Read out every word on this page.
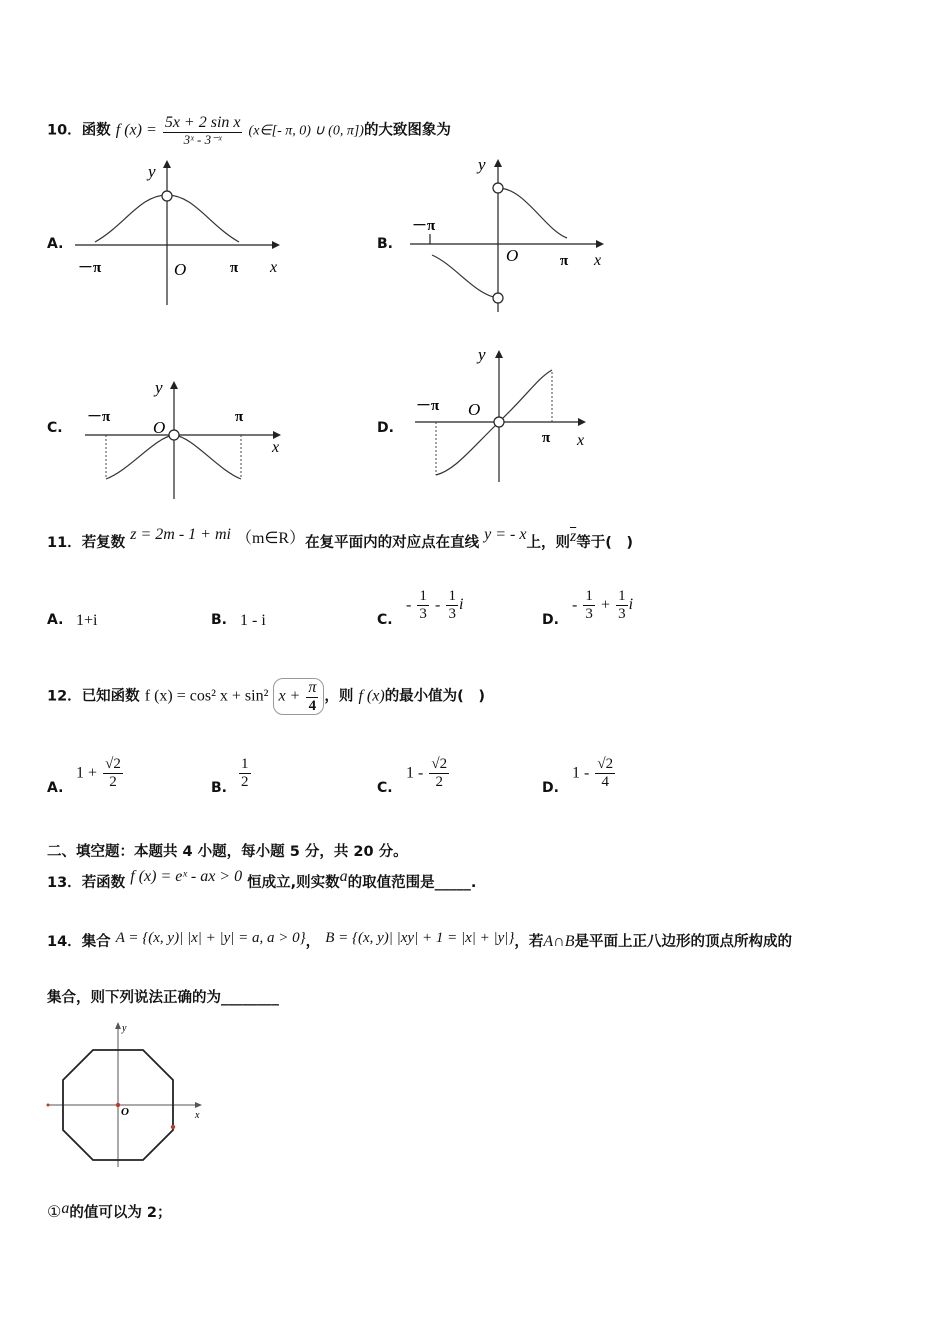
10．函数 f $(x) = \frac{\text{5x + 2 sin x}}{\text{3ˣ - 3⁻ˣ}}$ (x∈[- π, 0) ∪ (0, π])的大致图象为
A.
y
x
O
－π	π
B.
y
x
O
－π
π
C.
y
x
O
－π	π
D.
y
x
O
－π
π
11．若复数 z = 2m - 1 + mi （m∈R）在复平面内的对应点在直线 y = - x上，则$\overline{z}$等于(　)
A. 1+i	B. 1 - i	C.
- $\frac{1}{3} - \frac{1}{3}$ i
D.
- $\frac{1}{3} + \frac{1}{3}$ i
12．已知函数 f (x) = cos² x + sin² $x + \frac{\pi}{4}$ ，则 f (x)的最小值为(　)
A.
$1 + \frac{√2}{2}$	B. $\frac{1}{2}$	C.
$1 - \frac{√2}{2}$	D.
$1 - \frac{√2}{4}$
二、填空题：本题共 4 小题，每小题 5 分，共 20 分。
13．若函数 f (x) = eˣ - ax > 0 恒成立,则实数a的取值范围是_____.
14．集合 A = {(x, y)| |x| + |y| = a, a > 0}， B = {(x, y)| |xy| + 1 = |x| + |y|}，若A∩B是平面上正八边形的顶点所构成的
集合，则下列说法正确的为________
y
x
O
①a的值可以为 2；
